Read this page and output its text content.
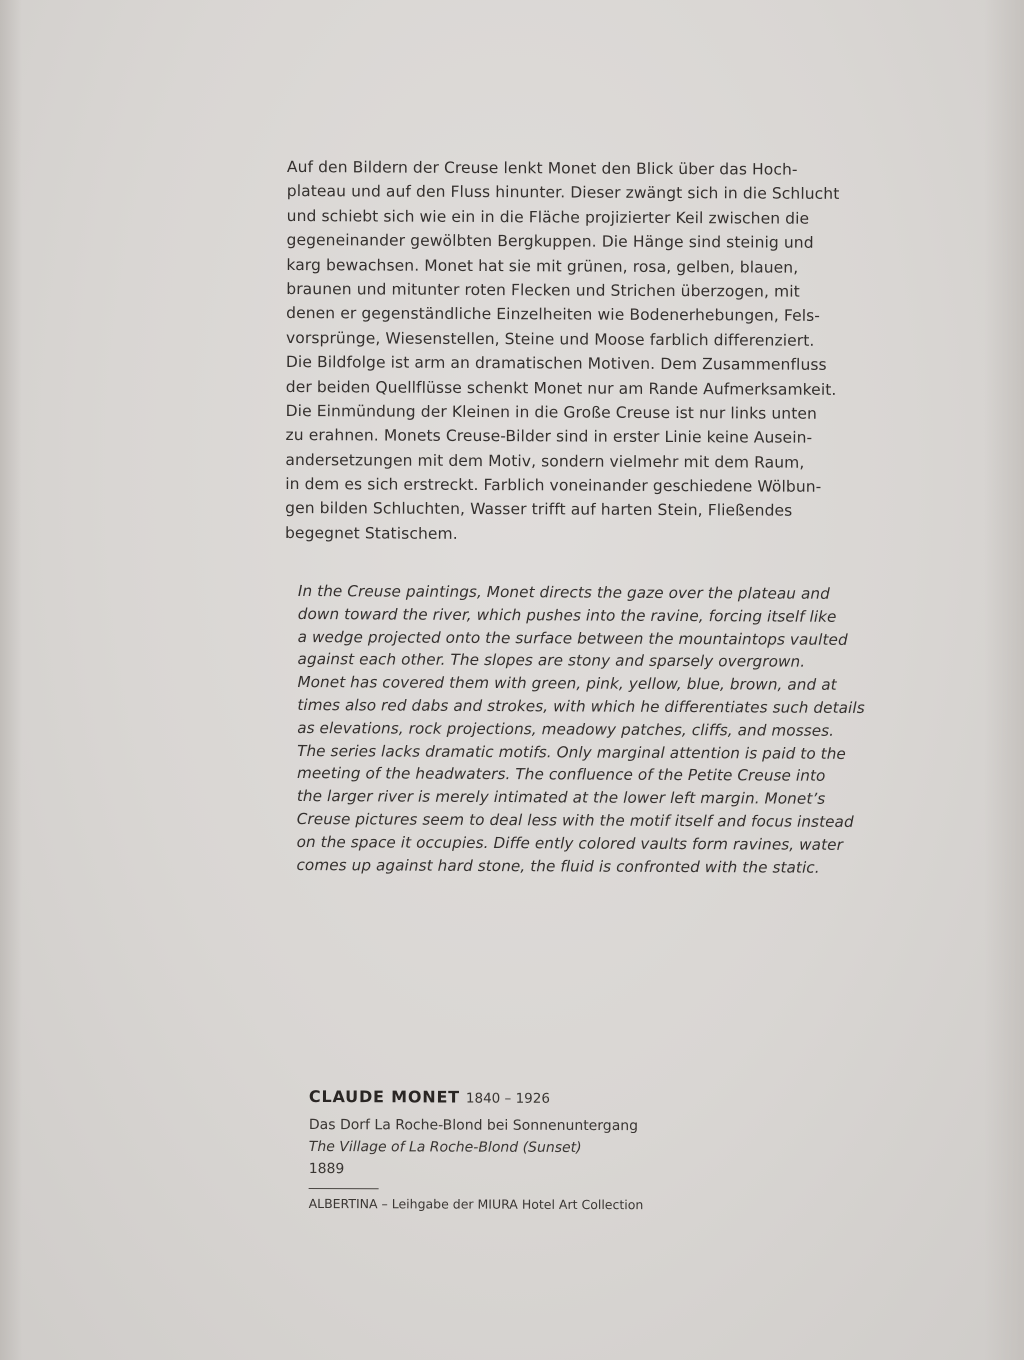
Auf den Bildern der Creuse lenkt Monet den Blick über das Hoch-
plateau und auf den Fluss hinunter. Dieser zwängt sich in die Schlucht
und schiebt sich wie ein in die Fläche projizierter Keil zwischen die
gegeneinander gewölbten Bergkuppen. Die Hänge sind steinig und
karg bewachsen. Monet hat sie mit grünen, rosa, gelben, blauen,
braunen und mitunter roten Flecken und Strichen überzogen, mit
denen er gegenständliche Einzelheiten wie Bodenerhebungen, Fels-
vorsprünge, Wiesenstellen, Steine und Moose farblich differenziert.
Die Bildfolge ist arm an dramatischen Motiven. Dem Zusammenfluss
der beiden Quellflüsse schenkt Monet nur am Rande Aufmerksamkeit.
Die Einmündung der Kleinen in die Große Creuse ist nur links unten
zu erahnen. Monets Creuse-Bilder sind in erster Linie keine Ausein-
andersetzungen mit dem Motiv, sondern vielmehr mit dem Raum,
in dem es sich erstreckt. Farblich voneinander geschiedene Wölbun-
gen bilden Schluchten, Wasser trifft auf harten Stein, Fließendes
begegnet Statischem.
In the Creuse paintings, Monet directs the gaze over the plateau and
down toward the river, which pushes into the ravine, forcing itself like
a wedge projected onto the surface between the mountaintops vaulted
against each other. The slopes are stony and sparsely overgrown.
Monet has covered them with green, pink, yellow, blue, brown, and at
times also red dabs and strokes, with which he differentiates such details
as elevations, rock projections, meadowy patches, cliffs, and mosses.
The series lacks dramatic motifs. Only marginal attention is paid to the
meeting of the headwaters. The confluence of the Petite Creuse into
the larger river is merely intimated at the lower left margin. Monet’s
Creuse pictures seem to deal less with the motif itself and focus instead
on the space it occupies. Diffe ently colored vaults form ravines, water
comes up against hard stone, the fluid is confronted with the static.
CLAUDE MONET 1840 – 1926
Das Dorf La Roche-Blond bei Sonnenuntergang
The Village of La Roche-Blond (Sunset)
1889
ALBERTINA – Leihgabe der MIURA Hotel Art Collection
